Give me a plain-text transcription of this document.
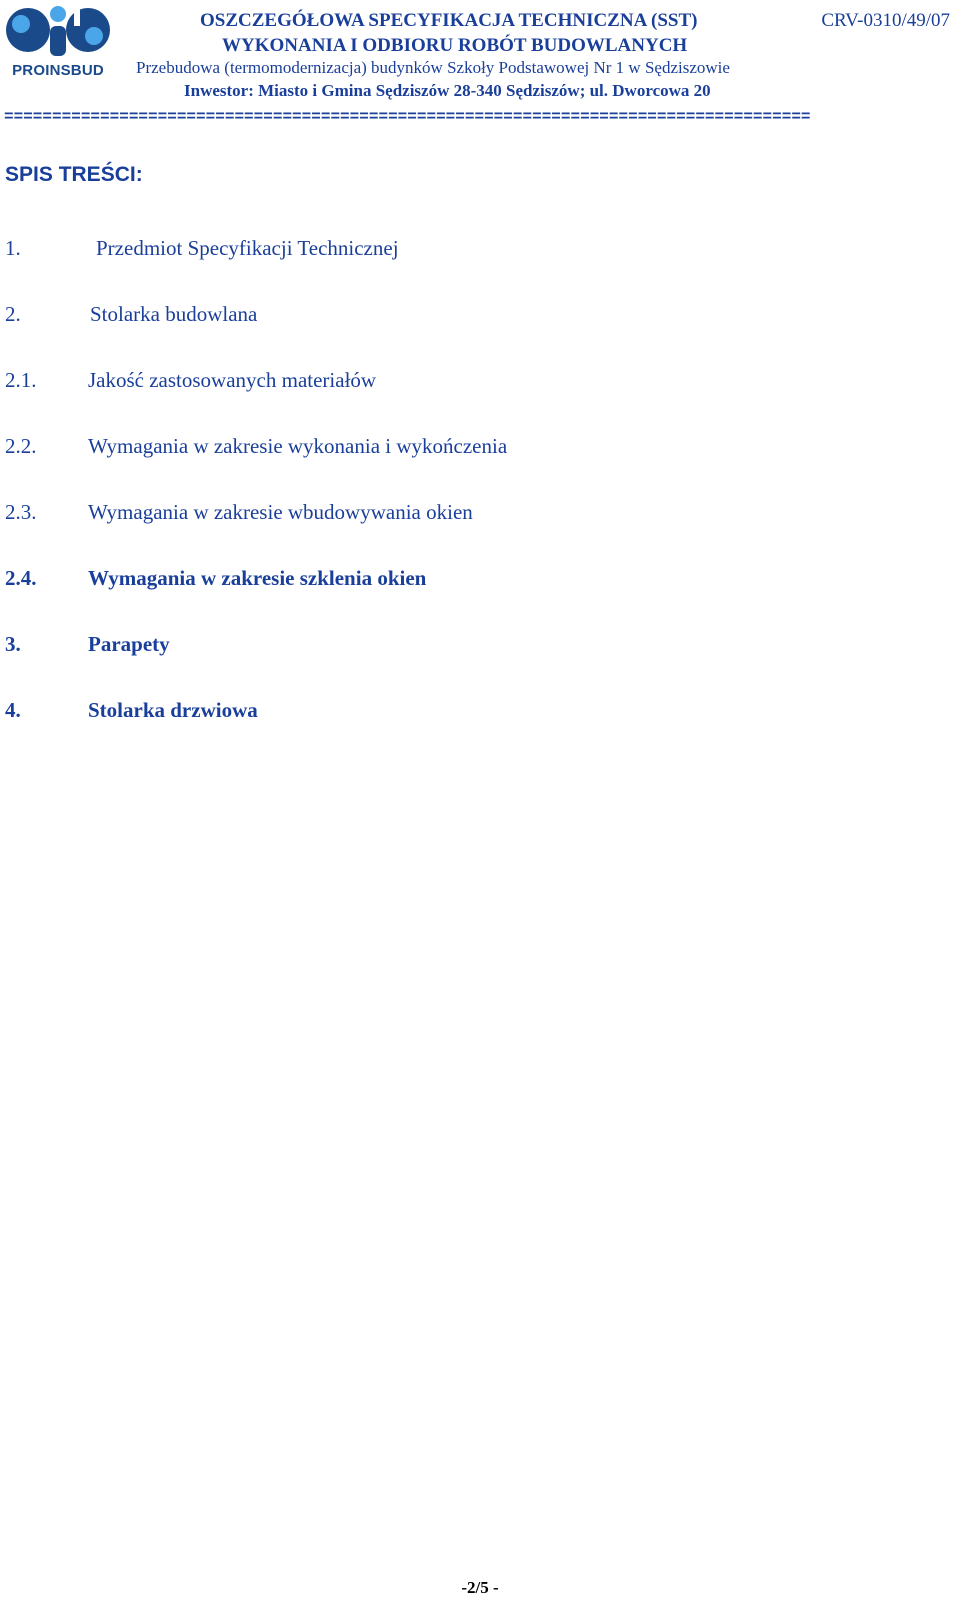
PROINSBUD
OSZCZEGÓŁOWA SPECYFIKACJA TECHNICZNA (SST)	CRV-0310/49/07
WYKONANIA I ODBIORU ROBÓT BUDOWLANYCH
Przebudowa (termomodernizacja) budynków Szkoły Podstawowej Nr 1 w Sędziszowie
Inwestor: Miasto i Gmina Sędziszów 28-340 Sędziszów; ul. Dworcowa 20
====================================================================================
SPIS TREŚCI:
1.	Przedmiot Specyfikacji Technicznej
2.	Stolarka budowlana
2.1. Jakość zastosowanych materiałów
2.2. Wymagania w zakresie wykonania i wykończenia
2.3. Wymagania w zakresie wbudowywania okien
2.4. Wymagania w zakresie szklenia okien
3.	Parapety
4.	Stolarka drzwiowa
-2/5 -
